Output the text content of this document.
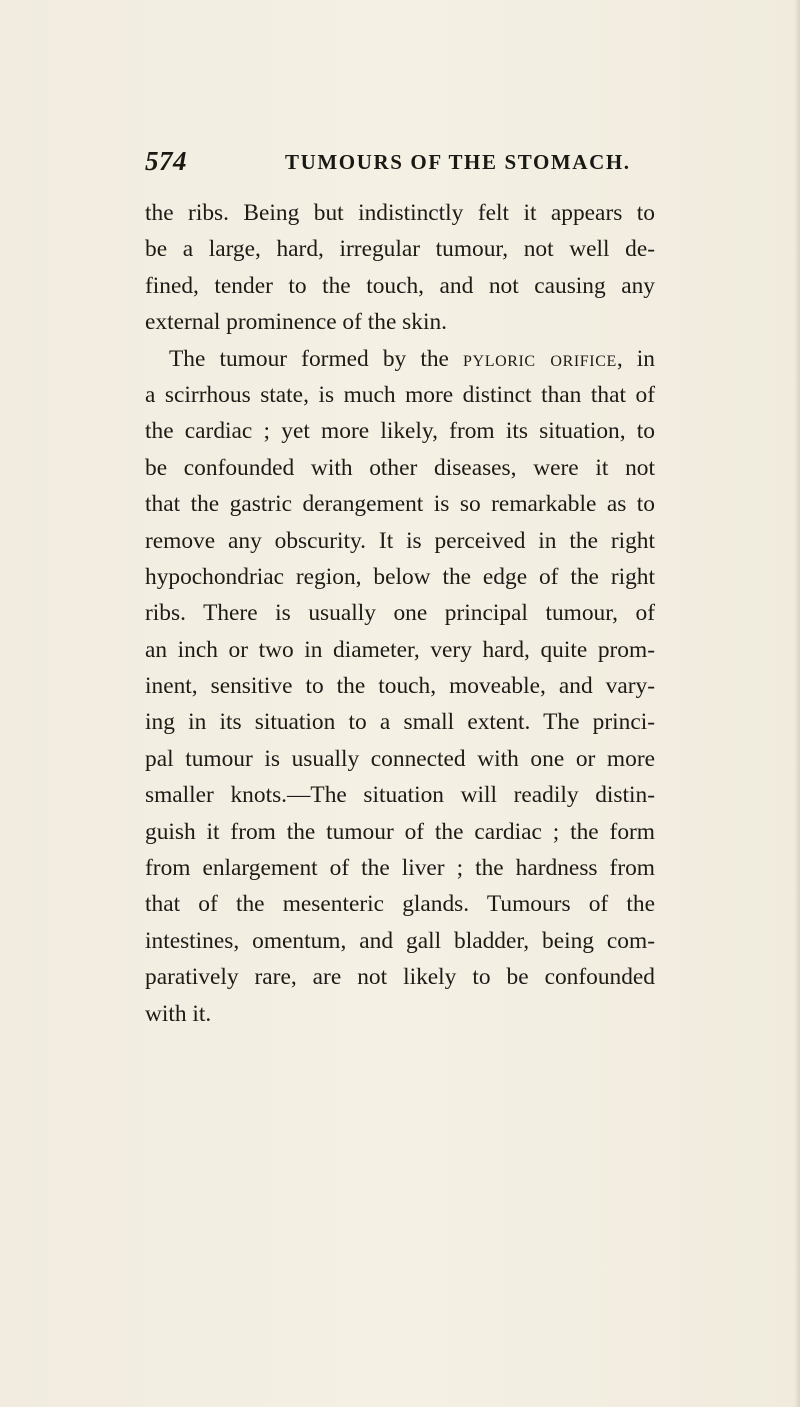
574	TUMOURS OF THE STOMACH.
the ribs. Being but indistinctly felt it appears to
be a large, hard, irregular tumour, not well de-
fined, tender to the touch, and not causing any
external prominence of the skin.
The tumour formed by the pyloric orifice, in
a scirrhous state, is much more distinct than that of
the cardiac ; yet more likely, from its situation, to
be confounded with other diseases, were it not
that the gastric derangement is so remarkable as to
remove any obscurity. It is perceived in the right
hypochondriac region, below the edge of the right
ribs. There is usually one principal tumour, of
an inch or two in diameter, very hard, quite prom-
inent, sensitive to the touch, moveable, and vary-
ing in its situation to a small extent. The princi-
pal tumour is usually connected with one or more
smaller knots.—The situation will readily distin-
guish it from the tumour of the cardiac ; the form
from enlargement of the liver ; the hardness from
that of the mesenteric glands. Tumours of the
intestines, omentum, and gall bladder, being com-
paratively rare, are not likely to be confounded
with it.
